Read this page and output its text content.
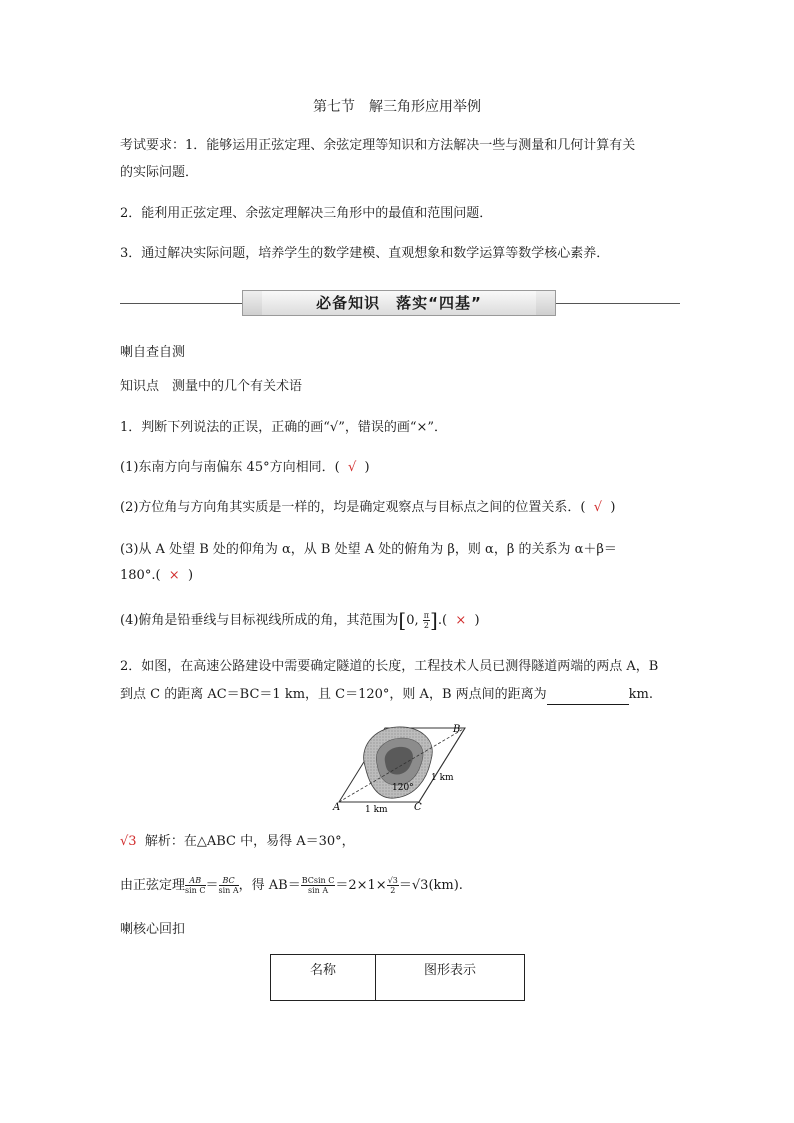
第七节　解三角形应用举例
考试要求：1．能够运用正弦定理、余弦定理等知识和方法解决一些与测量和几何计算有关
的实际问题．
2．能利用正弦定理、余弦定理解决三角形中的最值和范围问题．
3．通过解决实际问题，培养学生的数学建模、直观想象和数学运算等数学核心素养．
必备知识　落实“四基”
喇自查自测
知识点　测量中的几个有关术语
1．判断下列说法的正误，正确的画“√”，错误的画“×”．
(1)东南方向与南偏东 45°方向相同．( √ )
(2)方位角与方向角其实质是一样的，均是确定观察点与目标点之间的位置关系．( √ )
(3)从 A 处望 B 处的仰角为 α，从 B 处望 A 处的俯角为 β，则 α，β 的关系为 α＋β＝
180°.( × )
(4)俯角是铅垂线与目标视线所成的角，其范围为[0, $\frac{\pi}{2}$ ].(  × )
2．如图，在高速公路建设中需要确定隧道的长度，工程技术人员已测得隧道两端的两点 A，B
到点 C 的距离 AC＝BC＝1 km，且 C＝120°，则 A，B 两点间的距离为	km.
A
B
C
120°
1 km
1 km
√3 解析：在△ABC 中，易得 A＝30°，
由正弦定理 $\frac{AB}{\text{sin C}} = \frac{BC}{\text{sin A}}$ ，得 $AB= \frac{\text{BCsin C}}{\text{sin A}} =2\times 1\times \frac{√3}{2} =√3(km)$.
喇核心回扣
名称	图形表示
